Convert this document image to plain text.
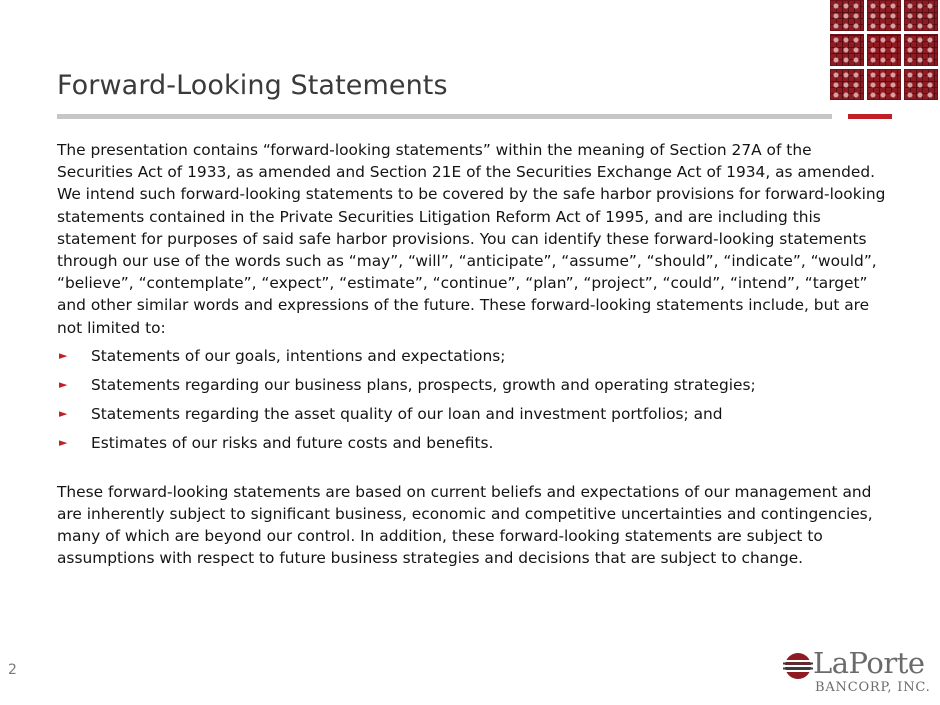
Forward-Looking Statements

The presentation contains “forward-looking statements” within the meaning of Section 27A of the Securities Act of 1933, as amended and Section 21E of the Securities Exchange Act of 1934, as amended. We intend such forward-looking statements to be covered by the safe harbor provisions for forward-looking statements contained in the Private Securities Litigation Reform Act of 1995, and are including this statement for purposes of said safe harbor provisions. You can identify these forward-looking statements through our use of the words such as “may”, “will”, “anticipate”, “assume”, “should”, “indicate”, “would”, “believe”, “contemplate”, “expect”, “estimate”, “continue”, “plan”, “project”, “could”, “intend”, “target” and other similar words and expressions of the future. These forward-looking statements include, but are not limited to:

► Statements of our goals, intentions and expectations;
► Statements regarding our business plans, prospects, growth and operating strategies;
► Statements regarding the asset quality of our loan and investment portfolios; and
► Estimates of our risks and future costs and benefits.

These forward-looking statements are based on current beliefs and expectations of our management and are inherently subject to significant business, economic and competitive uncertainties and contingencies, many of which are beyond our control. In addition, these forward-looking statements are subject to assumptions with respect to future business strategies and decisions that are subject to change.

2	LaPorte
BANCORP, INC.
